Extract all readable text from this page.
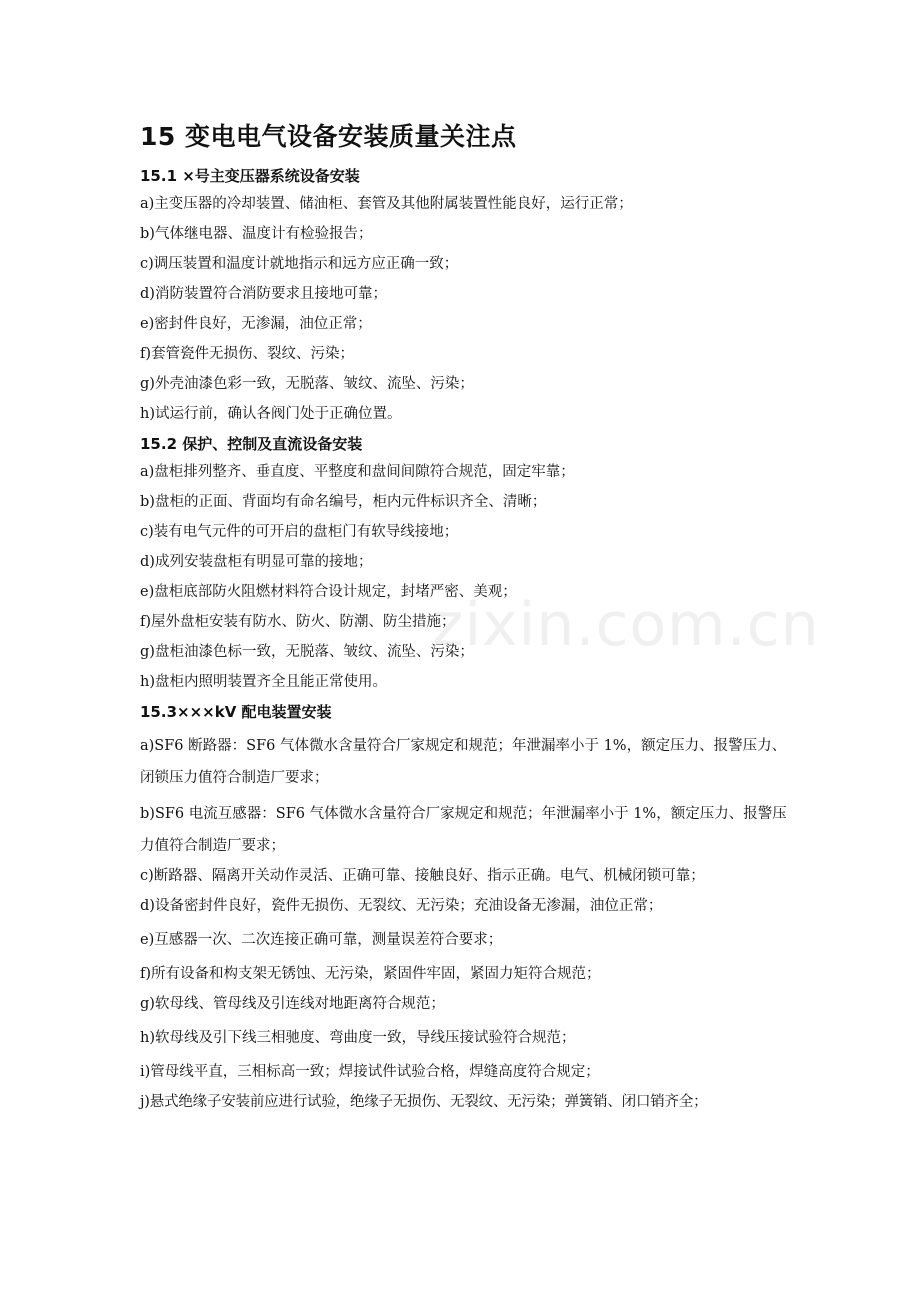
zixin.com.cn
15 变电电气设备安装质量关注点
15.1 ×号主变压器系统设备安装

a)主变压器的冷却装置、储油柜、套管及其他附属装置性能良好，运行正常；

b)气体继电器、温度计有检验报告；

c)调压装置和温度计就地指示和远方应正确一致；

d)消防装置符合消防要求且接地可靠；

e)密封件良好，无渗漏，油位正常；

f)套管瓷件无损伤、裂纹、污染；

g)外壳油漆色彩一致，无脱落、皱纹、流坠、污染；

h)试运行前，确认各阀门处于正确位置。

15.2 保护、控制及直流设备安装

a)盘柜排列整齐、垂直度、平整度和盘间间隙符合规范，固定牢靠；

b)盘柜的正面、背面均有命名编号，柜内元件标识齐全、清晰；

c)装有电气元件的可开启的盘柜门有软导线接地；

d)成列安装盘柜有明显可靠的接地；

e)盘柜底部防火阻燃材料符合设计规定，封堵严密、美观；

f)屋外盘柜安装有防水、防火、防潮、防尘措施；

g)盘柜油漆色标一致，无脱落、皱纹、流坠、污染；

h)盘柜内照明装置齐全且能正常使用。

15.3×××kV 配电装置安装

a)SF6 断路器：SF6 气体微水含量符合厂家规定和规范；年泄漏率小于 1%，额定压力、报警压力、闭锁压力值符合制造厂要求；

b)SF6 电流互感器：SF6 气体微水含量符合厂家规定和规范；年泄漏率小于 1%，额定压力、报警压力值符合制造厂要求；

c)断路器、隔离开关动作灵活、正确可靠、接触良好、指示正确。电气、机械闭锁可靠；

d)设备密封件良好，瓷件无损伤、无裂纹、无污染；充油设备无渗漏，油位正常；

e)互感器一次、二次连接正确可靠，测量误差符合要求；

f)所有设备和构支架无锈蚀、无污染，紧固件牢固，紧固力矩符合规范；

g)软母线、管母线及引连线对地距离符合规范；

h)软母线及引下线三相驰度、弯曲度一致，导线压接试验符合规范；

i)管母线平直，三相标高一致；焊接试件试验合格，焊缝高度符合规定；

j)悬式绝缘子安装前应进行试验，绝缘子无损伤、无裂纹、无污染；弹簧销、闭口销齐全；
